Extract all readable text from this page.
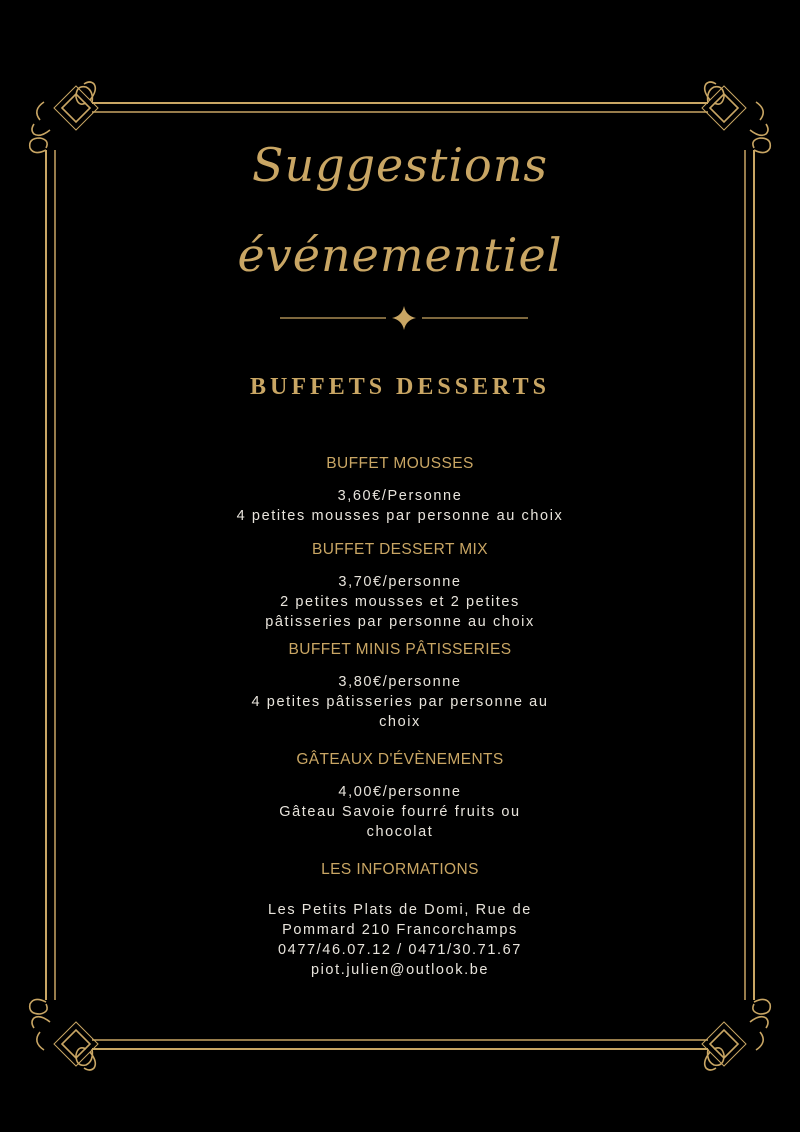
Suggestions
événementiel
BUFFETS DESSERTS
BUFFET MOUSSES
3,60€/Personne
4 petites mousses par personne au choix
BUFFET DESSERT MIX
3,70€/personne
2 petites mousses et 2 petites
pâtisseries par personne au choix
BUFFET MINIS PÂTISSERIES
3,80€/personne
4 petites pâtisseries par personne au
choix
GÂTEAUX D'ÉVÈNEMENTS
4,00€/personne
Gâteau Savoie fourré fruits ou
chocolat
LES INFORMATIONS
Les Petits Plats de Domi, Rue de
Pommard 210 Francorchamps
0477/46.07.12 / 0471/30.71.67
piot.julien@outlook.be
